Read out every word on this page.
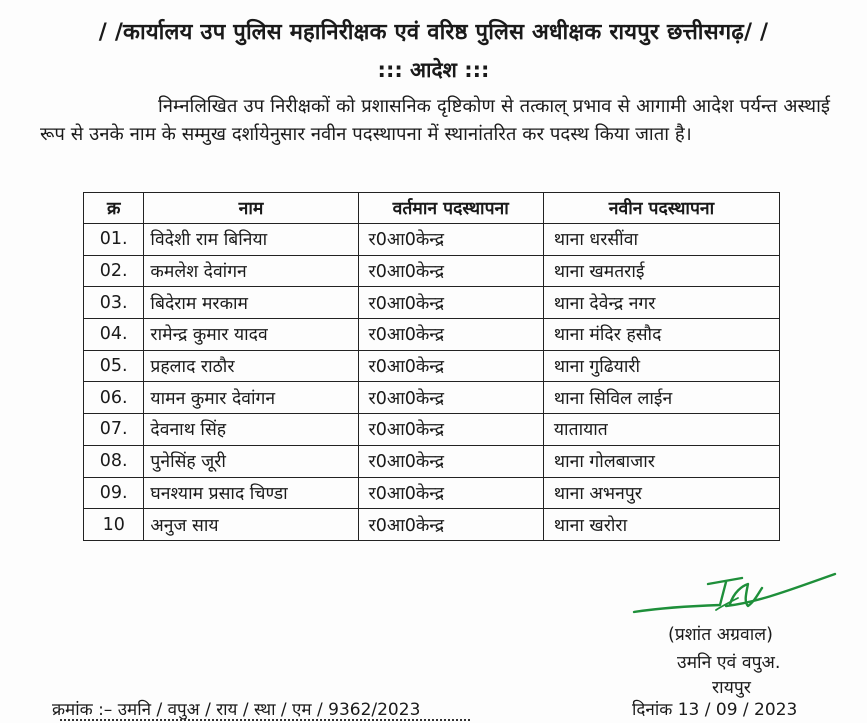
/ /कार्यालय उप पुलिस महानिरीक्षक एवं वरिष्ठ पुलिस अधीक्षक रायपुर छत्तीसगढ़/ /
::: आदेश :::
निम्नलिखित उप निरीक्षकों को प्रशासनिक दृष्टिकोण से तत्काल् प्रभाव से आगामी आदेश पर्यन्त अस्थाई रूप से उनके नाम के सम्मुख दर्शायेनुसार नवीन पदस्थापना में स्थानांतरित कर पदस्थ किया जाता है।
क्र	नाम	वर्तमान पदस्थापना	नवीन पदस्थापना
01.	विदेशी राम बिनिया	र0आ0केन्द्र	थाना धरसींवा
02.	कमलेश देवांगन	र0आ0केन्द्र	थाना खमतराई
03.	बिदेराम मरकाम	र0आ0केन्द्र	थाना देवेन्द्र नगर
04.	रामेन्द्र कुमार यादव	र0आ0केन्द्र	थाना मंदिर हसौद
05.	प्रहलाद राठौर	र0आ0केन्द्र	थाना गुढियारी
06.	यामन कुमार देवांगन	र0आ0केन्द्र	थाना सिविल लाईन
07.	देवनाथ सिंह	र0आ0केन्द्र	यातायात
08.	पुनेसिंह जूरी	र0आ0केन्द्र	थाना गोलबाजार
09.	घनश्याम प्रसाद चिण्डा	र0आ0केन्द्र	थाना अभनपुर
10	अनुज साय	र0आ0केन्द्र	थाना खरोरा
(प्रशांत अग्रवाल)
उमनि एवं वपुअ.
रायपुर
क्रमांक :– उमनि / वपुअ / राय / स्था / एम / 9362/2023	दिनांक 13 / 09 / 2023
